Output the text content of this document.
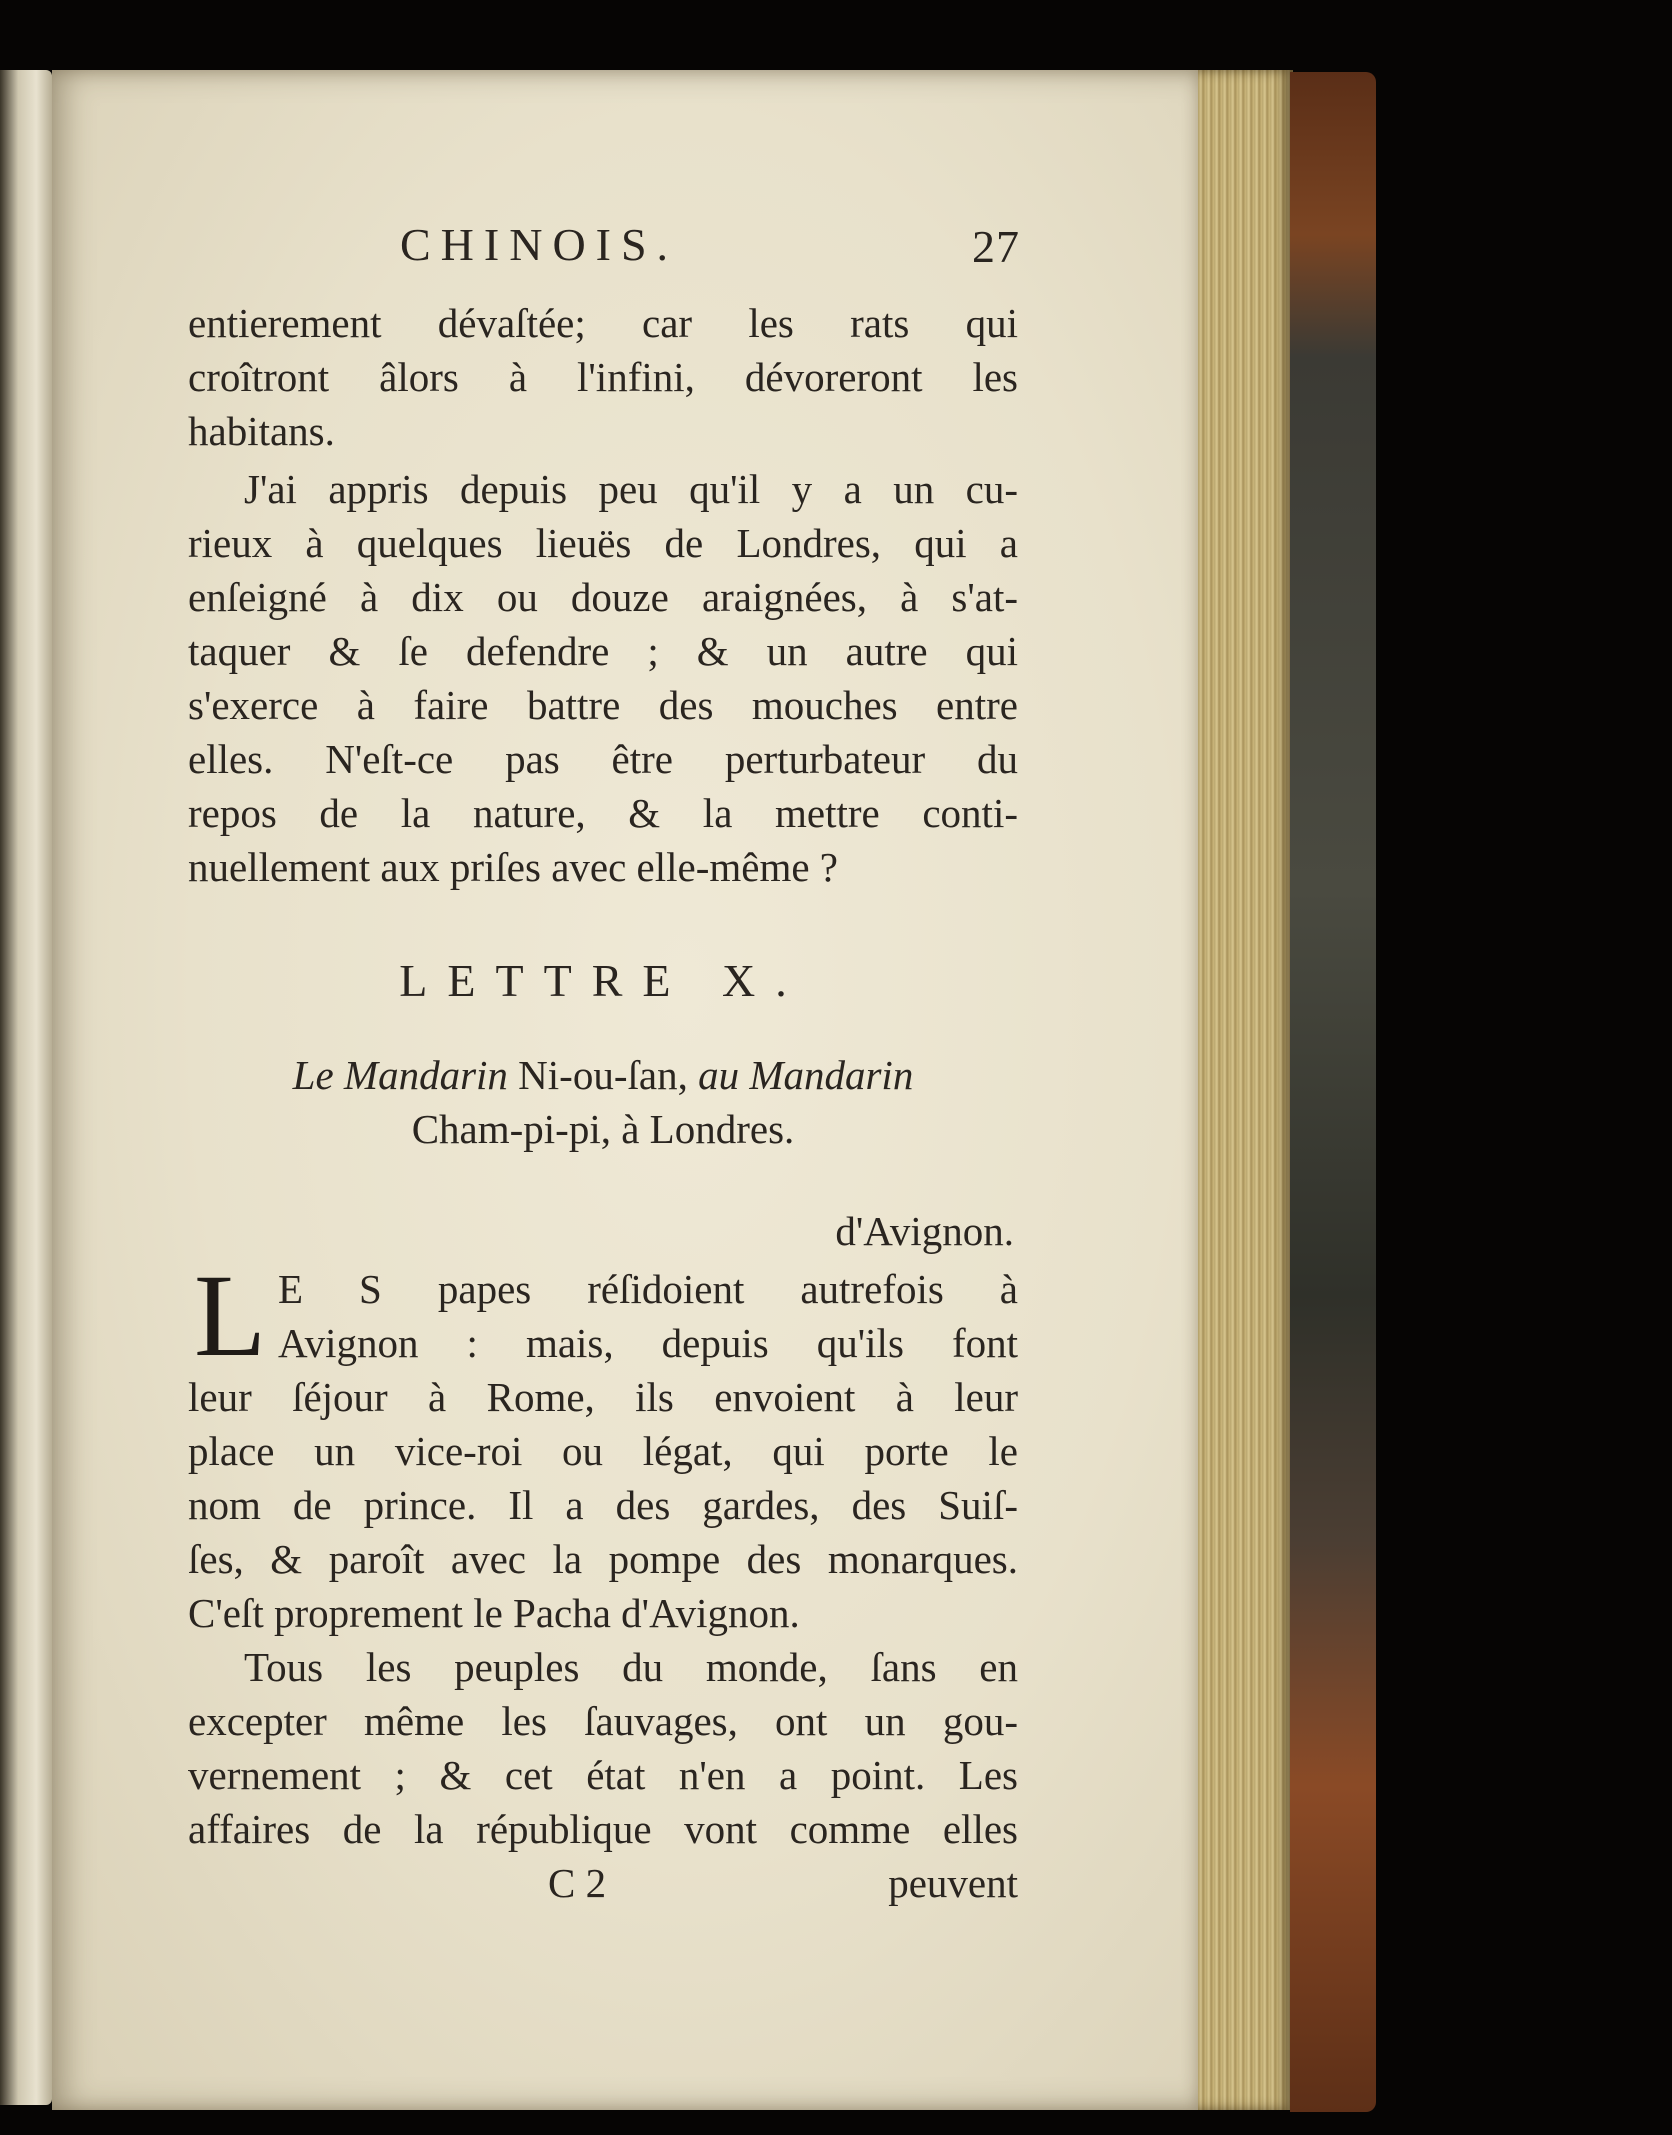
CHINOIS.	27
entierement dévaſtée; car les rats qui
croîtront âlors à l'infini, dévoreront les
habitans.
J'ai appris depuis peu qu'il y a un cu-
rieux à quelques lieuës de Londres, qui a
enſeigné à dix ou douze araignées, à s'at-
taquer & ſe defendre ; & un autre qui
s'exerce à faire battre des mouches entre
elles. N'eſt-ce pas être perturbateur du
repos de la nature, & la mettre conti-
nuellement aux priſes avec elle-même ?
LETTRE X.
Le Mandarin Ni-ou-ſan, au Mandarin
Cham-pi-pi, à Londres.
d'Avignon.
L E S papes réſidoient autrefois à
Avignon : mais, depuis qu'ils font
leur ſéjour à Rome, ils envoient à leur
place un vice-roi ou légat, qui porte le
nom de prince. Il a des gardes, des Suiſ-
ſes, & paroît avec la pompe des monarques.
C'eſt proprement le Pacha d'Avignon.
Tous les peuples du monde, ſans en
excepter même les ſauvages, ont un gou-
vernement ; & cet état n'en a point. Les
affaires de la république vont comme elles
C 2	peuvent
